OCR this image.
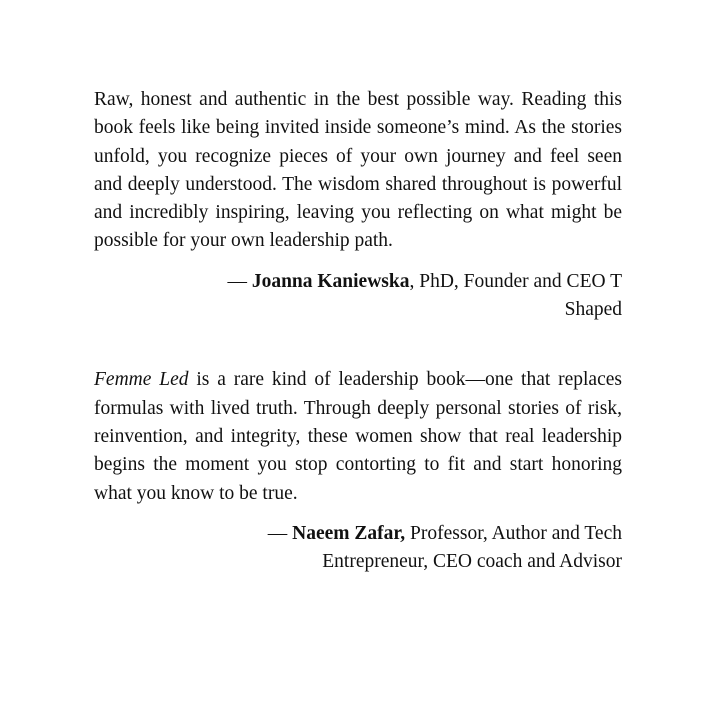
Raw, honest and authentic in the best possible way. Reading this book feels like being invited inside someone’s mind. As the stories unfold, you recognize pieces of your own journey and feel seen and deeply understood. The wisdom shared throughout is powerful and incredibly inspiring, leaving you reflecting on what might be possible for your own leadership path.

— Joanna Kaniewska, PhD, Founder and CEO T
Shaped

Femme Led is a rare kind of leadership book—one that replaces formulas with lived truth. Through deeply personal stories of risk, reinvention, and integrity, these women show that real leadership begins the moment you stop contorting to fit and start honoring what you know to be true.

— Naeem Zafar, Professor, Author and Tech
Entrepreneur, CEO coach and Advisor
